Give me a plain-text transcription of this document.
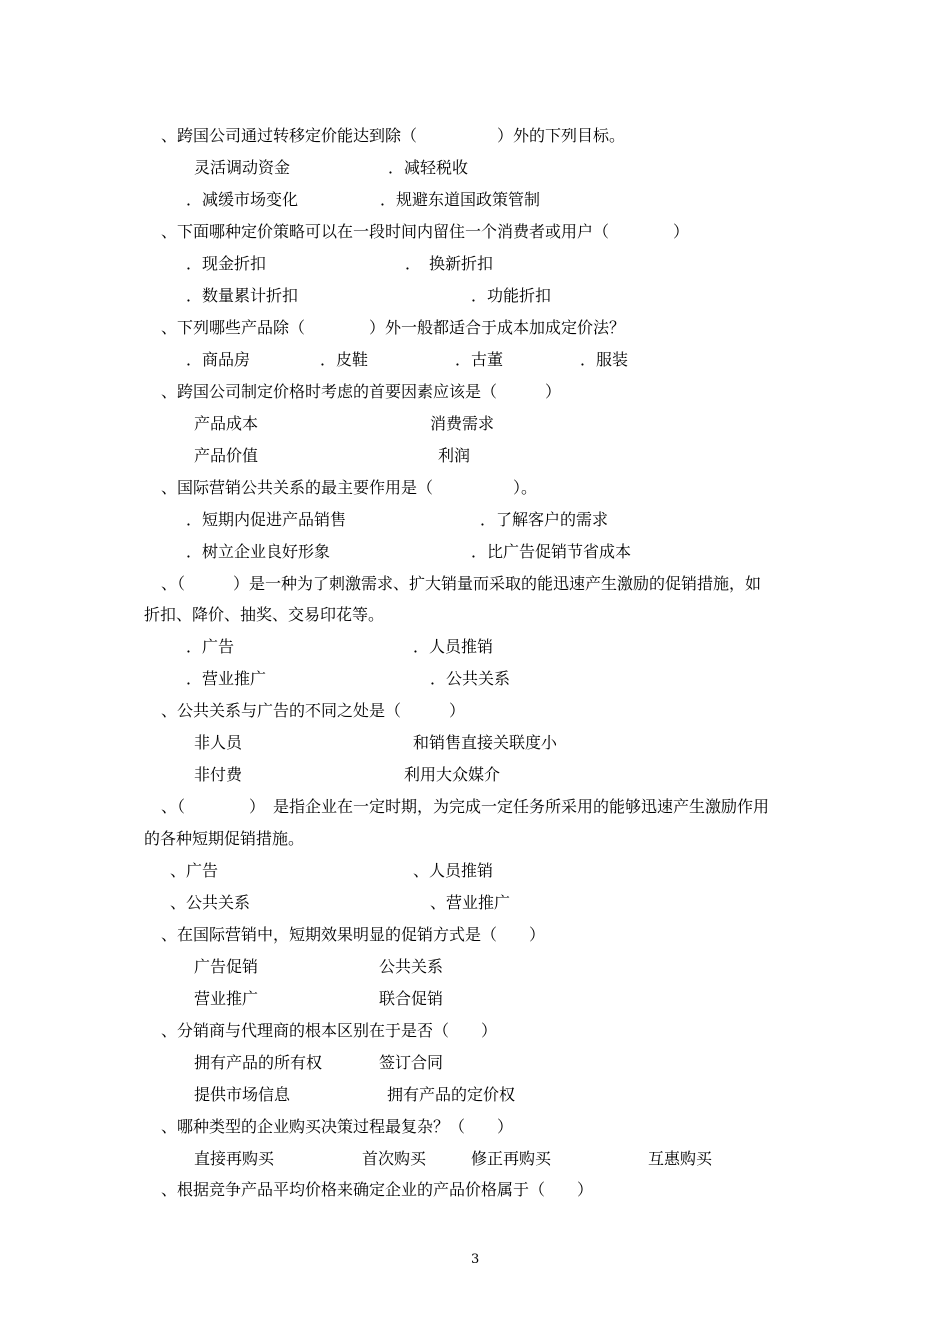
、跨国公司通过转移定价能达到除（　　　　　）外的下列目标。
灵活调动资金	．减轻税收
．减缓市场变化	．规避东道国政策管制
、下面哪种定价策略可以在一段时间内留住一个消费者或用户（　　　　）
．现金折扣	．　换新折扣
．数量累计折扣	．功能折扣
、下列哪些产品除（　　　　）外一般都适合于成本加成定价法？
．商品房	．皮鞋	．古董	．服装
、跨国公司制定价格时考虑的首要因素应该是（　　　）
产品成本	消费需求
产品价值	利润
、国际营销公共关系的最主要作用是（　　　　　）。
．短期内促进产品销售	．了解客户的需求
．树立企业良好形象	．比广告促销节省成本
、（　　　）是一种为了刺激需求、扩大销量而采取的能迅速产生激励的促销措施，如
折扣、降价、抽奖、交易印花等。
．广告	．人员推销
．营业推广	．公共关系
、公共关系与广告的不同之处是（　　　）
非人员	和销售直接关联度小
非付费	利用大众媒介
、（　　　　）　是指企业在一定时期，为完成一定任务所采用的能够迅速产生激励作用
的各种短期促销措施。
、广告	、人员推销
、公共关系	、营业推广
、在国际营销中，短期效果明显的促销方式是（　　）
广告促销	公共关系
营业推广	联合促销
、分销商与代理商的根本区别在于是否（　　）
拥有产品的所有权	签订合同
提供市场信息	拥有产品的定价权
、哪种类型的企业购买决策过程最复杂？（　　）
直接再购买	首次购买	修正再购买	互惠购买
、根据竞争产品平均价格来确定企业的产品价格属于（　　）
3
